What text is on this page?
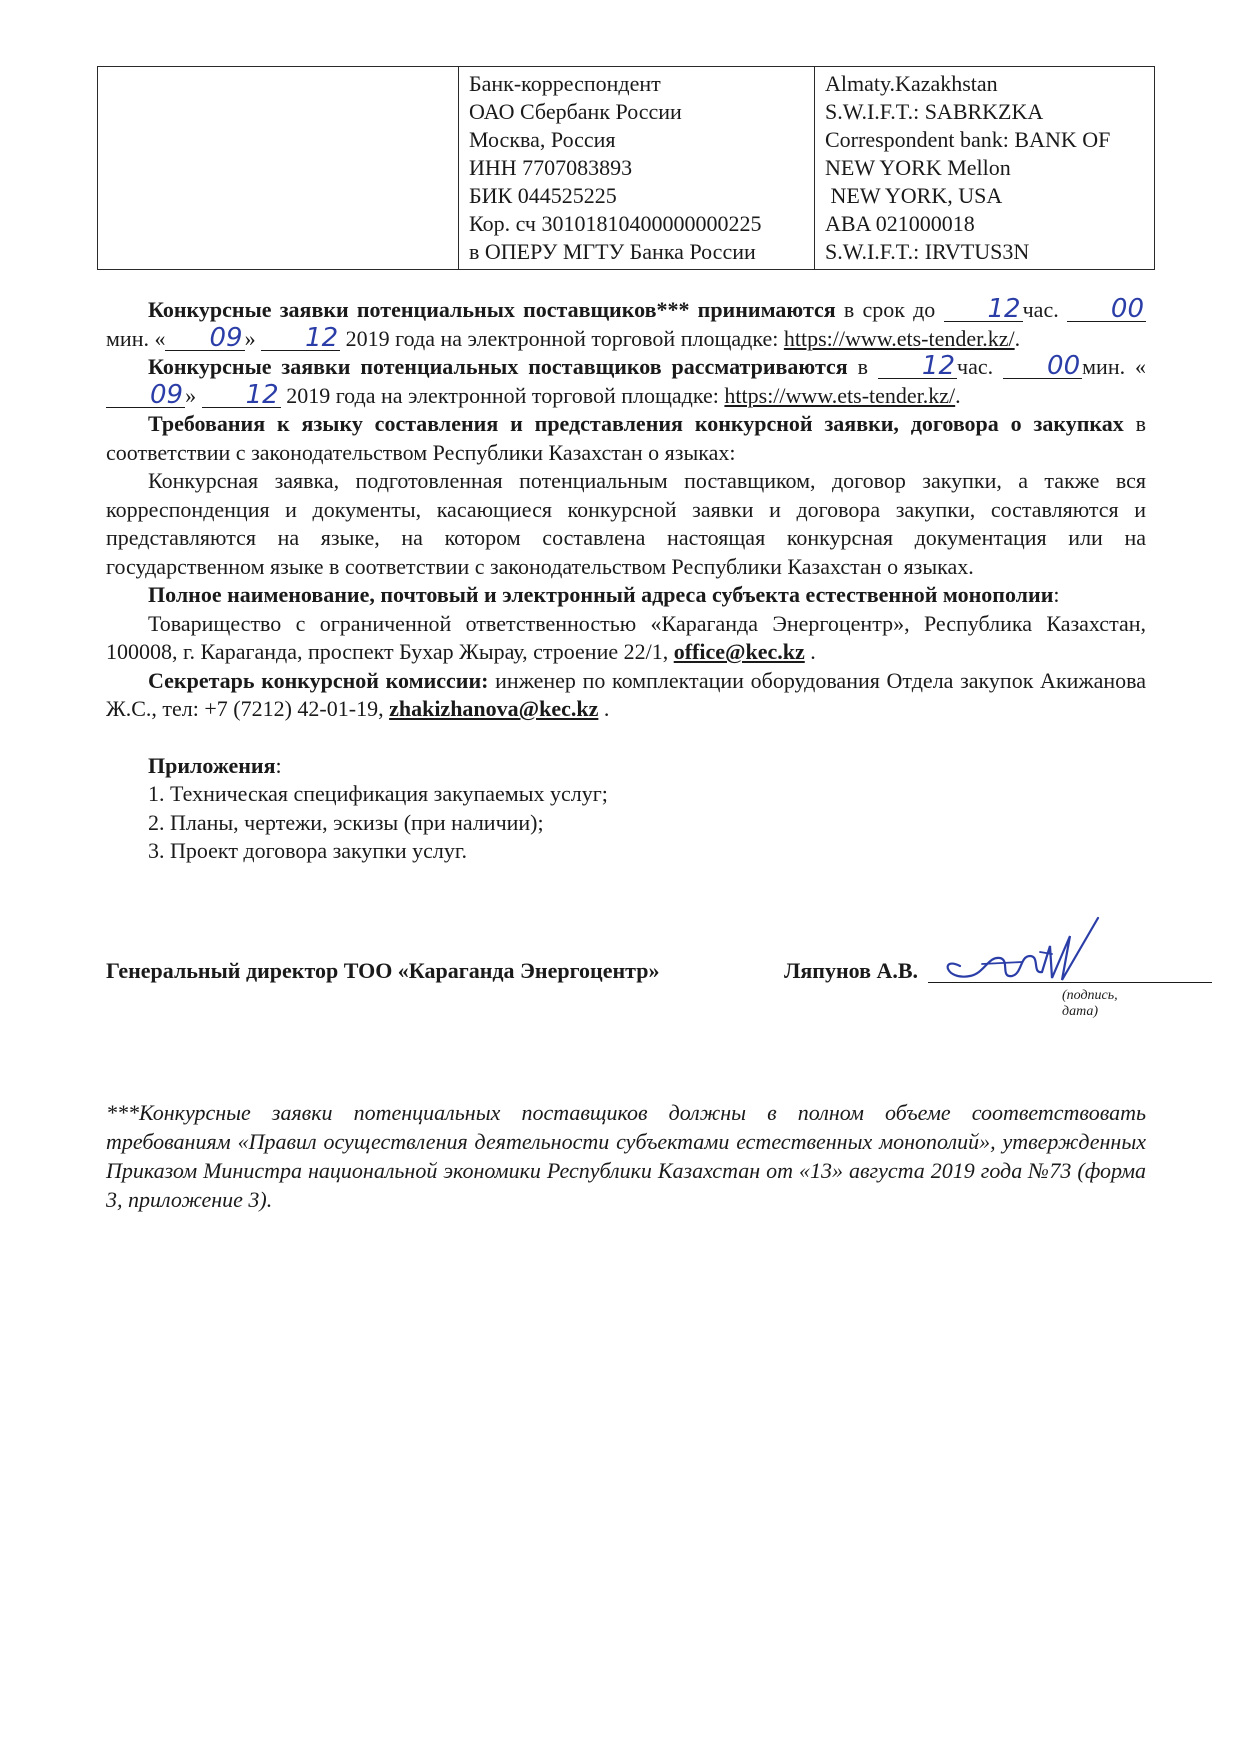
Банк-корреспондент
ОАО Сбербанк России
Москва, Россия
ИНН 7707083893
БИК 044525225
Кор. сч 30101810400000000225
в ОПЕРУ МГТУ Банка России

Almaty.Kazakhstan
S.W.I.F.T.: SABRKZKA
Correspondent bank: BANK OF
NEW YORK Mellon
NEW YORK, USA
ABA 021000018
S.W.I.F.T.: IRVTUS3N

Конкурсные заявки потенциальных поставщиков*** принимаются в срок до 12час. 00мин. « 09» 12 2019 года на электронной торговой площадке: https://www.ets-tender.kz/.

Конкурсные заявки потенциальных поставщиков рассматриваются в 12час. 00мин. «09» 12 2019 года на электронной торговой площадке: https://www.ets-tender.kz/.

Требования к языку составления и представления конкурсной заявки, договора о закупках в соответствии с законодательством Республики Казахстан о языках:

Конкурсная заявка, подготовленная потенциальным поставщиком, договор закупки, а также вся корреспонденция и документы, касающиеся конкурсной заявки и договора закупки, составляются и представляются на языке, на котором составлена настоящая конкурсная документация или на государственном языке в соответствии с законодательством Республики Казахстан о языках.

Полное наименование, почтовый и электронный адреса субъекта естественной монополии:

Товарищество с ограниченной ответственностью «Караганда Энергоцентр», Республика Казахстан, 100008, г. Караганда, проспект Бухар Жырау, строение 22/1, office@kec.kz .

Секретарь конкурсной комиссии: инженер по комплектации оборудования Отдела закупок Акижанова Ж.С., тел: +7 (7212) 42-01-19, zhakizhanova@kec.kz .

Приложения:

1. Техническая спецификация закупаемых услуг;
2. Планы, чертежи, эскизы (при наличии);
3. Проект договора закупки услуг.
Генеральный директор ТОО «Караганда Энергоцентр»	Ляпунов А.В.
(подпись, дата)
***Конкурсные заявки потенциальных поставщиков должны в полном объеме соответствовать требованиям «Правил осуществления деятельности субъектами естественных монополий», утвержденных Приказом Министра национальной экономики Республики Казахстан от «13» августа 2019 года №73 (форма 3, приложение 3).
